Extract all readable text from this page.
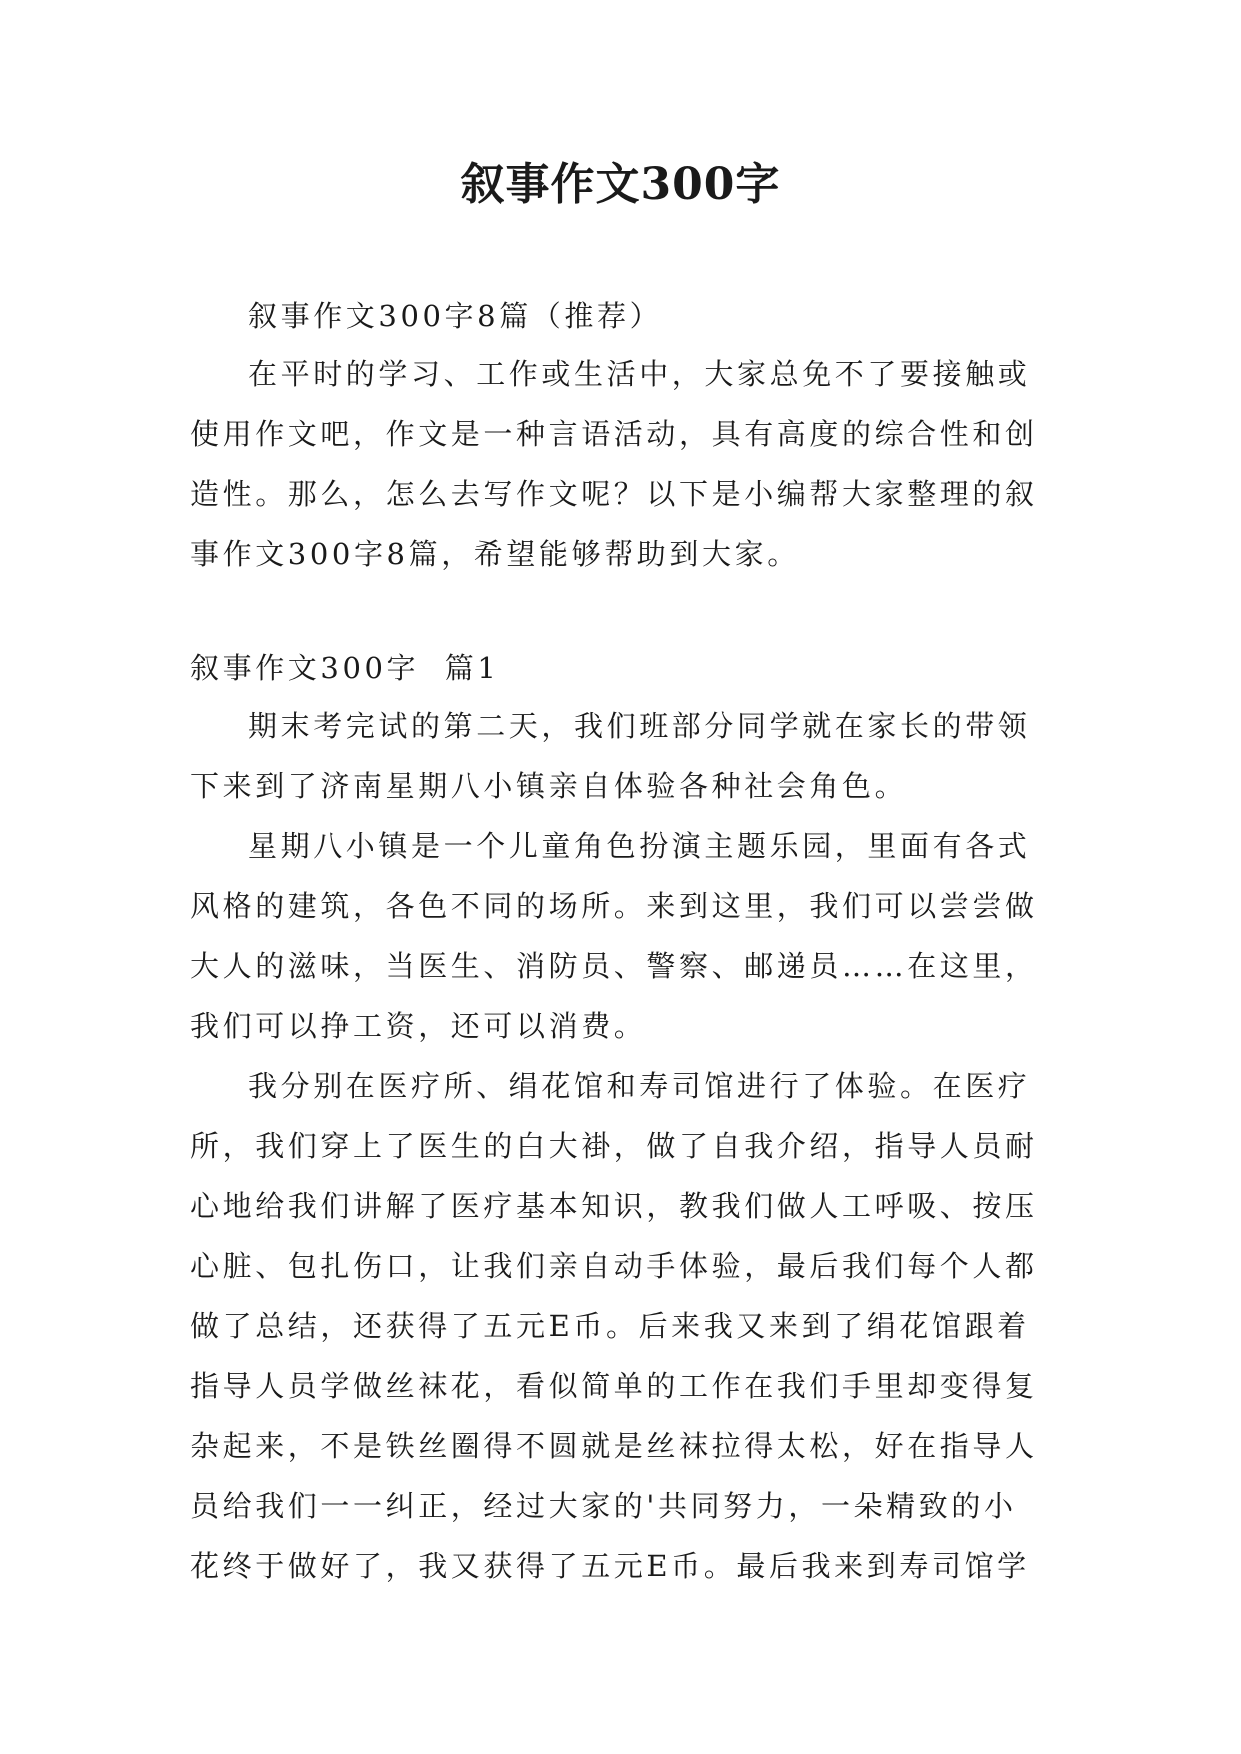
叙事作文300字

叙事作文300字8篇（推荐）

在平时的学习、工作或生活中，大家总免不了要接触或
使用作文吧，作文是一种言语活动，具有高度的综合性和创
造性。那么，怎么去写作文呢？以下是小编帮大家整理的叙
事作文300字8篇，希望能够帮助到大家。
叙事作文300字  篇1
期末考完试的第二天，我们班部分同学就在家长的带领
下来到了济南星期八小镇亲自体验各种社会角色。
星期八小镇是一个儿童角色扮演主题乐园，里面有各式
风格的建筑，各色不同的场所。来到这里，我们可以尝尝做
大人的滋味，当医生、消防员、警察、邮递员……在这里，
我们可以挣工资，还可以消费。
我分别在医疗所、绢花馆和寿司馆进行了体验。在医疗
所，我们穿上了医生的白大褂，做了自我介绍，指导人员耐
心地给我们讲解了医疗基本知识，教我们做人工呼吸、按压
心脏、包扎伤口，让我们亲自动手体验，最后我们每个人都
做了总结，还获得了五元E币。后来我又来到了绢花馆跟着
指导人员学做丝袜花，看似简单的工作在我们手里却变得复
杂起来，不是铁丝圈得不圆就是丝袜拉得太松，好在指导人
员给我们一一纠正，经过大家的'共同努力，一朵精致的小
花终于做好了，我又获得了五元E币。最后我来到寿司馆学
